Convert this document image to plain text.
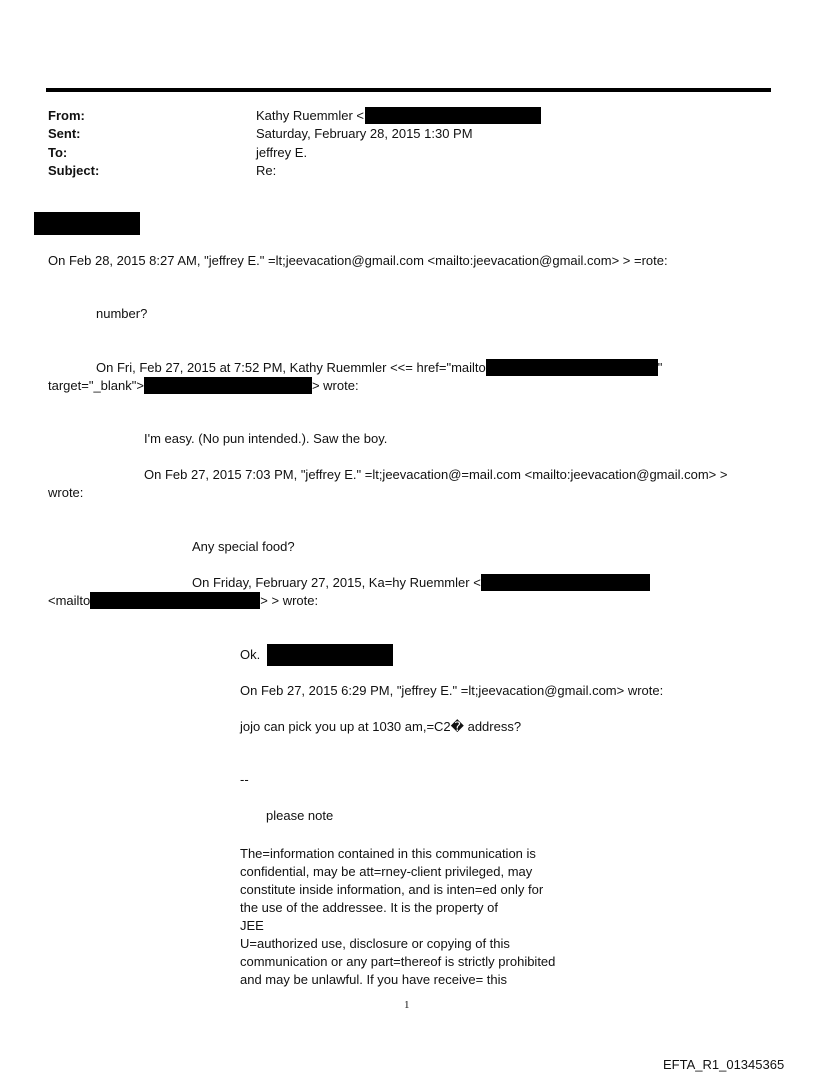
From:	Kathy Ruemmler <
Sent:	Saturday, February 28, 2015 1:30 PM
To:	jeffrey E.
Subject:	Re:
On Feb 28, 2015 8:27 AM, "jeffrey E." =lt;jeevacation@gmail.com <mailto:jeevacation@gmail.com> > =rote:
number?
On Fri, Feb 27, 2015 at 7:52 PM, Kathy Ruemmler <<= href="mailto	"
target="_blank">	> wrote:
I'm easy. (No pun intended.). Saw the boy.
On Feb 27, 2015 7:03 PM, "jeffrey E." =lt;jeevacation@=mail.com <mailto:jeevacation@gmail.com> >
wrote:
Any special food?
On Friday, February 27, 2015, Ka=hy Ruemmler <
<mailto	> > wrote:
Ok.
On Feb 27, 2015 6:29 PM, "jeffrey E." =lt;jeevacation@gmail.com> wrote:
jojo can pick you up at 1030 am,=C2� address?
--
please note
The=information contained in this communication is
confidential, may be att=rney-client privileged, may
constitute inside information, and is inten=ed only for
the use of the addressee. It is the property of
JEE
U=authorized use, disclosure or copying of this
communication or any part=thereof is strictly prohibited
and may be unlawful. If you have receive= this
1
EFTA_R1_01345365
